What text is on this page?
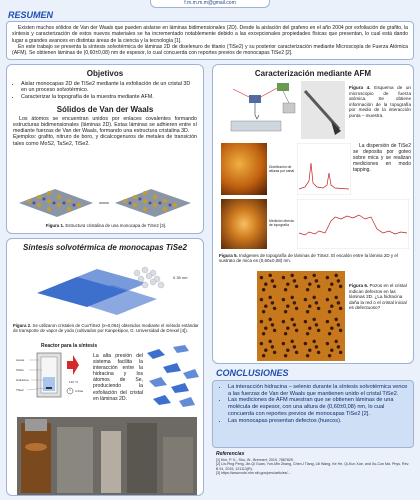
f.m.m.m.m@gmail.com
RESUMEN

Existen muchos sólidos de Van der Waals que pueden aislarse en láminas bidimensionales (2D). Desde la aislación del grafeno en el año 2004 por exfoliación de grafito, la síntesis y caracterización de estos nuevos materiales se ha incrementado notablemente debido a las excepcionales propiedades físicas que presentan, lo cual está dando lugar a grandes avances en distintas áreas de la ciencia y la tecnología [1].

En este trabajo se presenta la síntesis solvotérmica de láminas 2D de diselenuro de titanio (TiSe2) y su posterior caracterización mediante Microscopía de Fuerza Atómica (AFM). Se obtienen láminas de (0,60±0,08) nm de espesor, lo cual concuerda con reportes previos de monocapas TiSe2 [2].

Objetivos
• Aislar monocapas 2D de TiSe2 mediante la exfoliación de un cristal 3D en un proceso solvotérmico.
• Caracterizar la topografía de la muestra mediante AFM.
Sólidos de Van der Waals

Los átomos se encuentran unidos por enlaces covalentes formando estructuras bidimensionales (láminas 2D). Estas láminas se adhieren entre sí mediante fuerzas de Van der Waals, formando una estructura cristalina 3D.

Ejemplos: grafito, nitruro de boro, y dicalcogenuros de metales de transición tales como MoS2, TaSe2, TiSe2.

Figura 1. Estructura cristalina de una monocapa de TiSe2 [3].
Síntesis solvotérmica de monocapas TiSe2
0.35 nm
Figura 2. Se utilizaron cristales de CuxTiSe2 (x≈0,064) obtenidos mediante el método estándar de transporte de vapor de yodo (cultivados por Kanpekipov, G. Universidad de Drexel [4]).
Reactor para la síntesis
Aceite
Teflón
Hidracina
TiSe2
140 °C
3 días
La alta presión del sistema facilita la interacción entre la hidracina y los átomos de Se, produciendo la exfoliación del cristal en láminas 2D.
Caracterización mediante AFM
Figura 4. Esquema de un microscopio de fuerza atómica. Se obtiene información de la topografía por medio de la interacción punta – muestra.
La dispersión de TiSe2 se deposita por goteo sobre mica y se realizan mediciones en modo tapping.
Distribución de alturas por canal
Medición directa de topografía
Figura 5. Imágenes de topografía de láminas de TiSe2. El escalón entre la lámina 2D y el sustrato de mica es (0,60±0,08) nm.
Figura 6. Pozos en el cristal indican defectos en las láminas 2D. ¿La hidracina daña la red o el cristal inicial es defectuoso?
CONCLUSIONES
• La interacción hidracina – selenio durante la síntesis solvotérmica vence a las fuerzas de Van der Waals que mantienen unido el cristal TiSe2.
• Las mediciones de AFM muestran que se obtienen láminas de una molécula de espesor, con una altura de (0,60±0,08) nm, lo cual concuerda con reportes previos de monocapas TiSe2 [2].
• Las monocapas presentan defectos (huecos).
Referencias
[1] Kim, P. K., Shu, W., Brennert, 2019, 7867829.
[2] Lin-Ping Peng, Jie-Qi Guan, Yun-Min Zhang, Chen-I Tiang, Lili Wang, Ke He, Qi-Kun Xue, and Xu-Cun Ma. Phys. Rev. B 91, 2015, 121113(R).
[3] https://www.ncbi.nlm.nih.gov/pmc/articles/...
